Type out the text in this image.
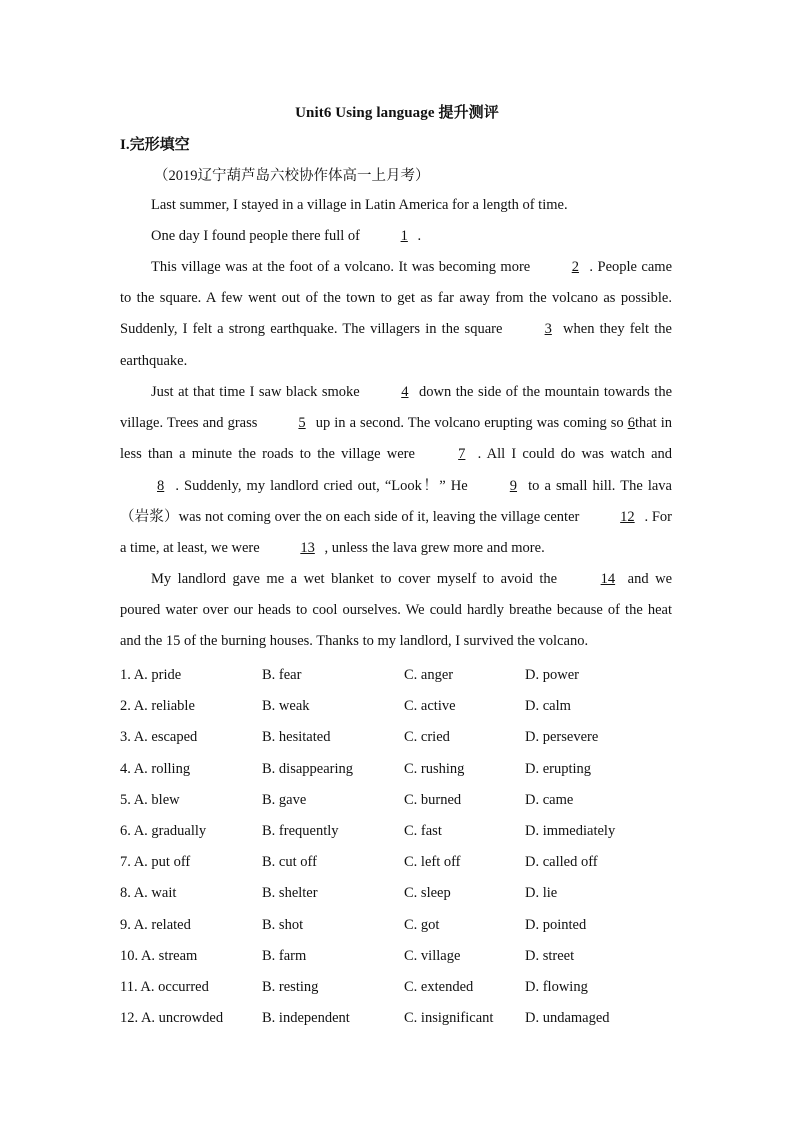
Unit6 Using language 提升测评
I.完形填空
（2019辽宁葫芦岛六校协作体高一上月考）
Last summer, I stayed in a village in Latin America for a length of time.
One day I found people there full of	1 .
This village was at the foot of a volcano. It was becoming more	2 . People came to the square. A few went out of the town to get as far away from the volcano as possible. Suddenly, I felt a strong earthquake. The villagers in the square	3 when they felt the earthquake.
Just at that time I saw black smoke	4 down the side of the mountain towards the village. Trees and grass	5 up in a second. The volcano erupting was coming so 6that in less than a minute the roads to the village were	7 . All I could do was watch and 8 . Suddenly, my landlord cried out, “Look！” He	9 to a small hill. The lava（岩浆）was not coming over the on each side of it, leaving the village center	12 . For a time, at least, we were	13 , unless the lava grew more and more.
My landlord gave me a wet blanket to cover myself to avoid the	14 and we poured water over our heads to cool ourselves. We could hardly breathe because of the heat and the 15 of the burning houses. Thanks to my landlord, I survived the volcano.
1. A. pride	B. fear	C. anger	D. power
2. A. reliable	B. weak	C. active	D. calm
3. A. escaped	B. hesitated	C. cried	D. persevere
4. A. rolling	B. disappearing	C. rushing	D. erupting
5. A. blew	B. gave	C. burned	D. came
6. A. gradually	B. frequently	C. fast	D. immediately
7. A. put off	B. cut off	C. left off	D. called off
8. A. wait	B. shelter	C. sleep	D. lie
9. A. related	B. shot	C. got	D. pointed
10. A. stream	B. farm	C. village	D. street
11. A. occurred	B. resting	C. extended	D. flowing
12. A. uncrowded	B. independent	C. insignificant D. undamaged
